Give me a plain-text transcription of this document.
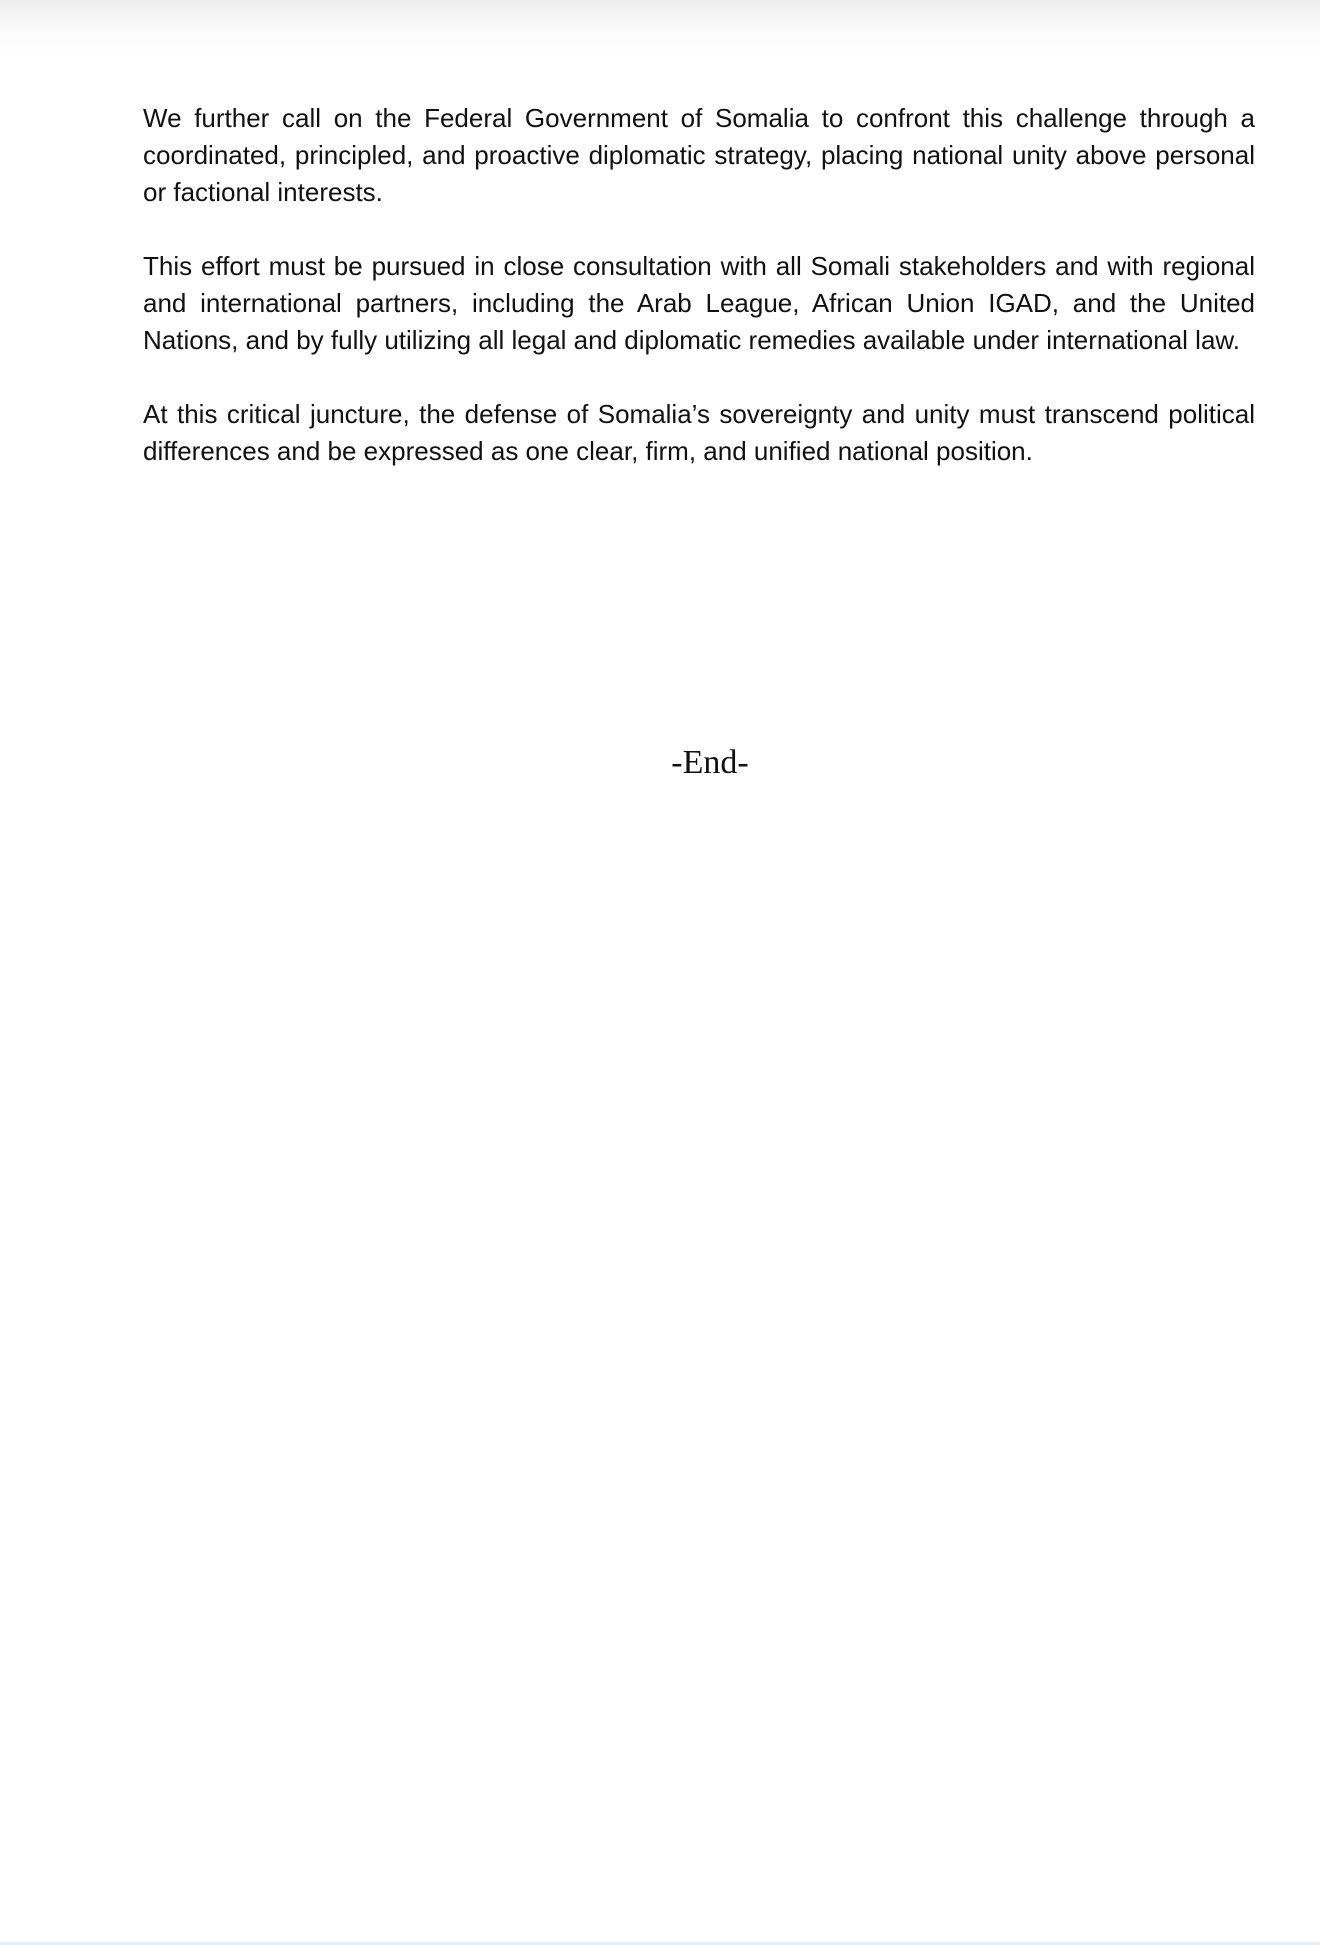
We further call on the Federal Government of Somalia to confront this challenge through a coordinated, principled, and proactive diplomatic strategy, placing national unity above personal or factional interests.

This effort must be pursued in close consultation with all Somali stakeholders and with regional and international partners, including the Arab League, African Union IGAD, and the United Nations, and by fully utilizing all legal and diplomatic remedies available under international law.

At this critical juncture, the defense of Somalia’s sovereignty and unity must transcend political differences and be expressed as one clear, firm, and unified national position.

-End-
